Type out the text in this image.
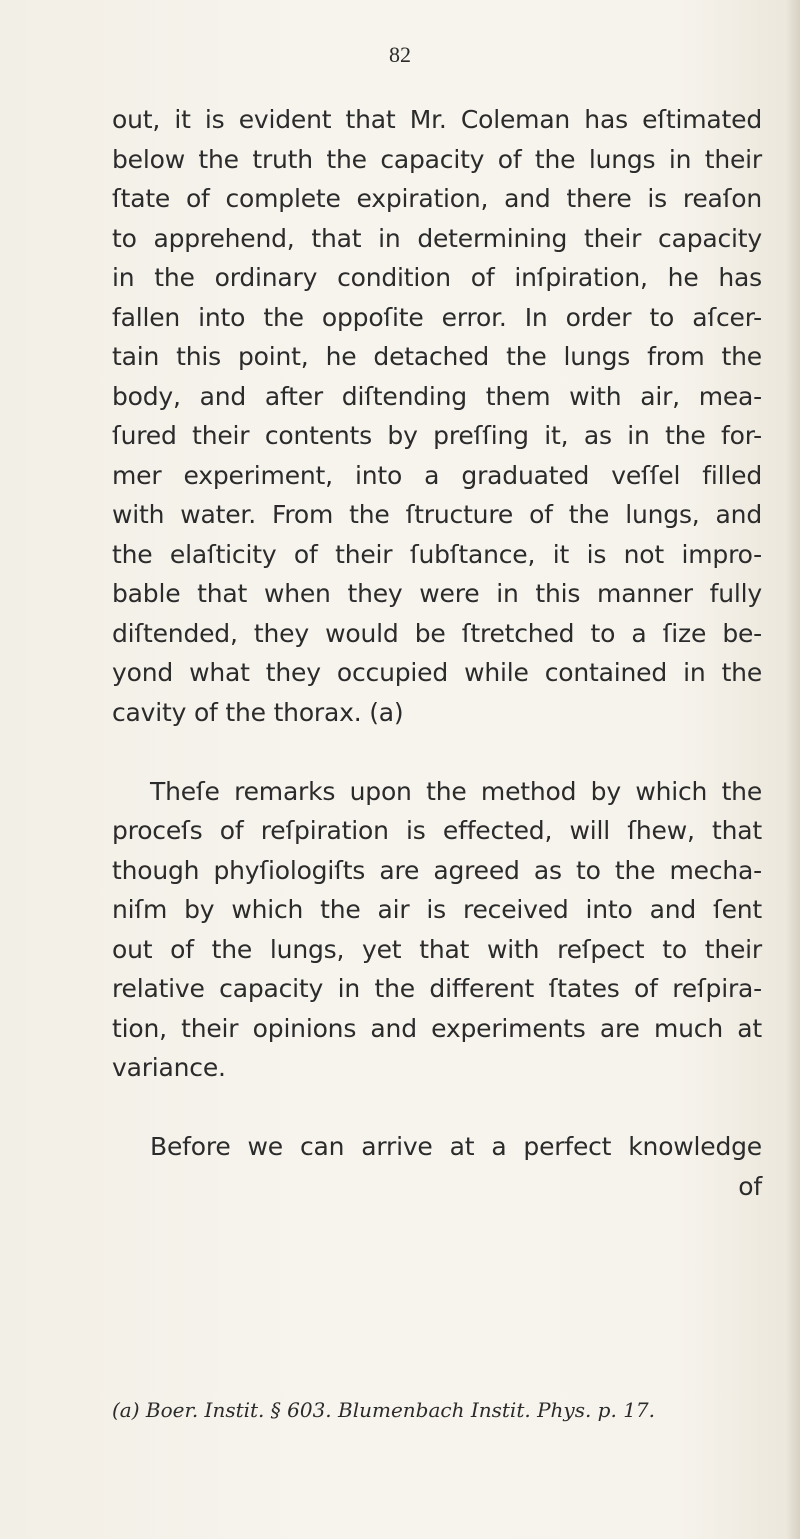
82
out, it is evident that Mr. Coleman has eſtimated
below the truth the capacity of the lungs in their
ſtate of complete expiration, and there is reaſon
to apprehend, that in determining their capacity
in the ordinary condition of inſpiration, he has
fallen into the oppoſite error. In order to aſcer-
tain this point, he detached the lungs from the
body, and after diſtending them with air, mea-
ſured their contents by preſſing it, as in the for-
mer experiment, into a graduated veſſel filled
with water. From the ſtructure of the lungs, and
the elaſticity of their ſubſtance, it is not impro-
bable that when they were in this manner fully
diſtended, they would be ſtretched to a ſize be-
yond what they occupied while contained in the
cavity of the thorax. (a)
Theſe remarks upon the method by which the
proceſs of reſpiration is effected, will ſhew, that
though phyſiologiſts are agreed as to the mecha-
niſm by which the air is received into and ſent
out of the lungs, yet that with reſpect to their
relative capacity in the different ſtates of reſpira-
tion, their opinions and experiments are much at
variance.
Before we can arrive at a perfect knowledge
of
(a) Boer. Instit. § 603. Blumenbach Instit. Phys. p. 17.
